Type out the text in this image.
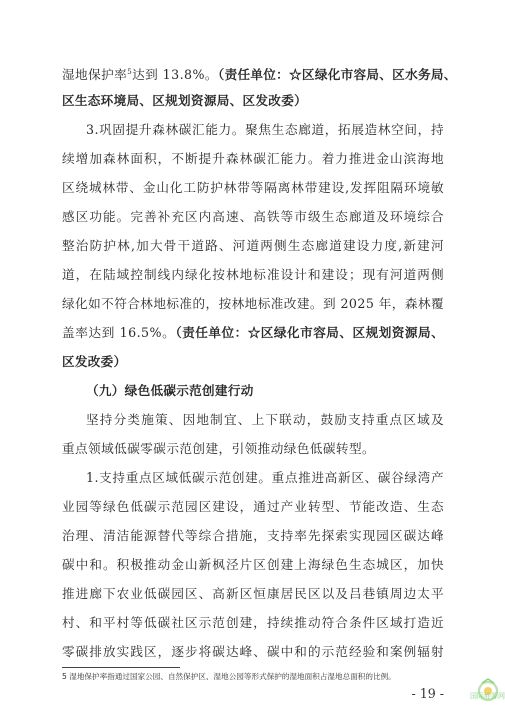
湿地保护率$^5$达到 13.8%。（责任单位：☆区绿化市容局、区水务局、
区生态环境局、区规划资源局、区发改委）
3.巩固提升森林碳汇能力。聚焦生态廊道，拓展造林空间，持
续增加森林面积，不断提升森林碳汇能力。着力推进金山滨海地
区绕城林带、金山化工防护林带等隔离林带建设,发挥阻隔环境敏
感区功能。完善补充区内高速、高铁等市级生态廊道及环境综合
整治防护林,加大骨干道路、河道两侧生态廊道建设力度,新建河
道，在陆域控制线内绿化按林地标准设计和建设；现有河道两侧
绿化如不符合林地标准的，按林地标准改建。到 2025 年，森林覆
盖率达到 16.5%。（责任单位：☆区绿化市容局、区规划资源局、
区发改委）
（九）绿色低碳示范创建行动
坚持分类施策、因地制宜、上下联动，鼓励支持重点区域及
重点领域低碳零碳示范创建，引领推动绿色低碳转型。
1.支持重点区域低碳示范创建。重点推进高新区、碳谷绿湾产
业园等绿色低碳示范园区建设，通过产业转型、节能改造、生态
治理、清洁能源替代等综合措施，支持率先探索实现园区碳达峰
碳中和。积极推动金山新枫泾片区创建上海绿色生态城区，加快
推进廊下农业低碳园区、高新区恒康居民区以及吕巷镇周边太平
村、和平村等低碳社区示范创建，持续推动符合条件区域打造近
5 湿地保护率指通过国家公园、自然保护区、湿地公园等形式保护的湿地面积占湿地总面积的比例。
- 19 -	国际能源网
零碳排放实践区，逐步将碳达峰、碳中和的示范经验和案例辐射
